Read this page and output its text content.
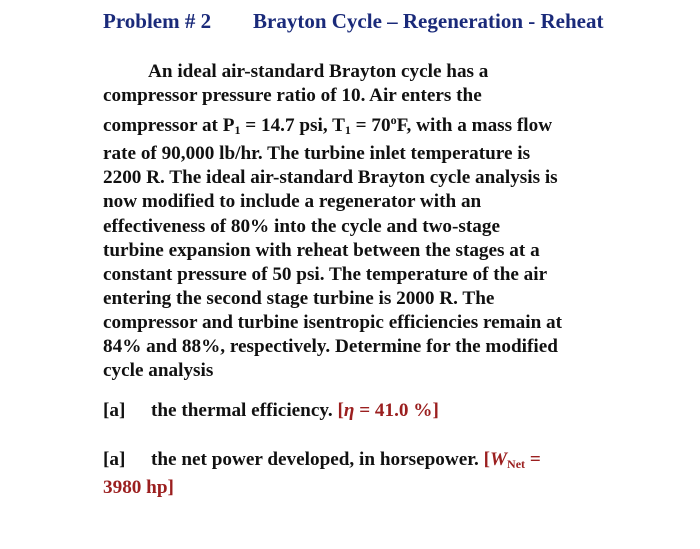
Problem # 2 Brayton Cycle – Regeneration - Reheat
An ideal air-standard Brayton cycle has a
compressor pressure ratio of 10. Air enters the
compressor at $P_1 = 14.7$ psi, $T_1 = 70^oF$, with a mass flow
rate of 90,000 lb/hr. The turbine inlet temperature is
2200 R. The ideal air-standard Brayton cycle analysis is
now modified to include a regenerator with an
effectiveness of 80% into the cycle and two-stage
turbine expansion with reheat between the stages at a
constant pressure of 50 psi. The temperature of the air
entering the second stage turbine is 2000 R. The
compressor and turbine isentropic efficiencies remain at
84% and 88%, respectively. Determine for the modified
cycle analysis
[a] the thermal efficiency. [η = 41.0 %]
[a] the net power developed, in horsepower. [$W_{Net}$ =
3980 hp]
